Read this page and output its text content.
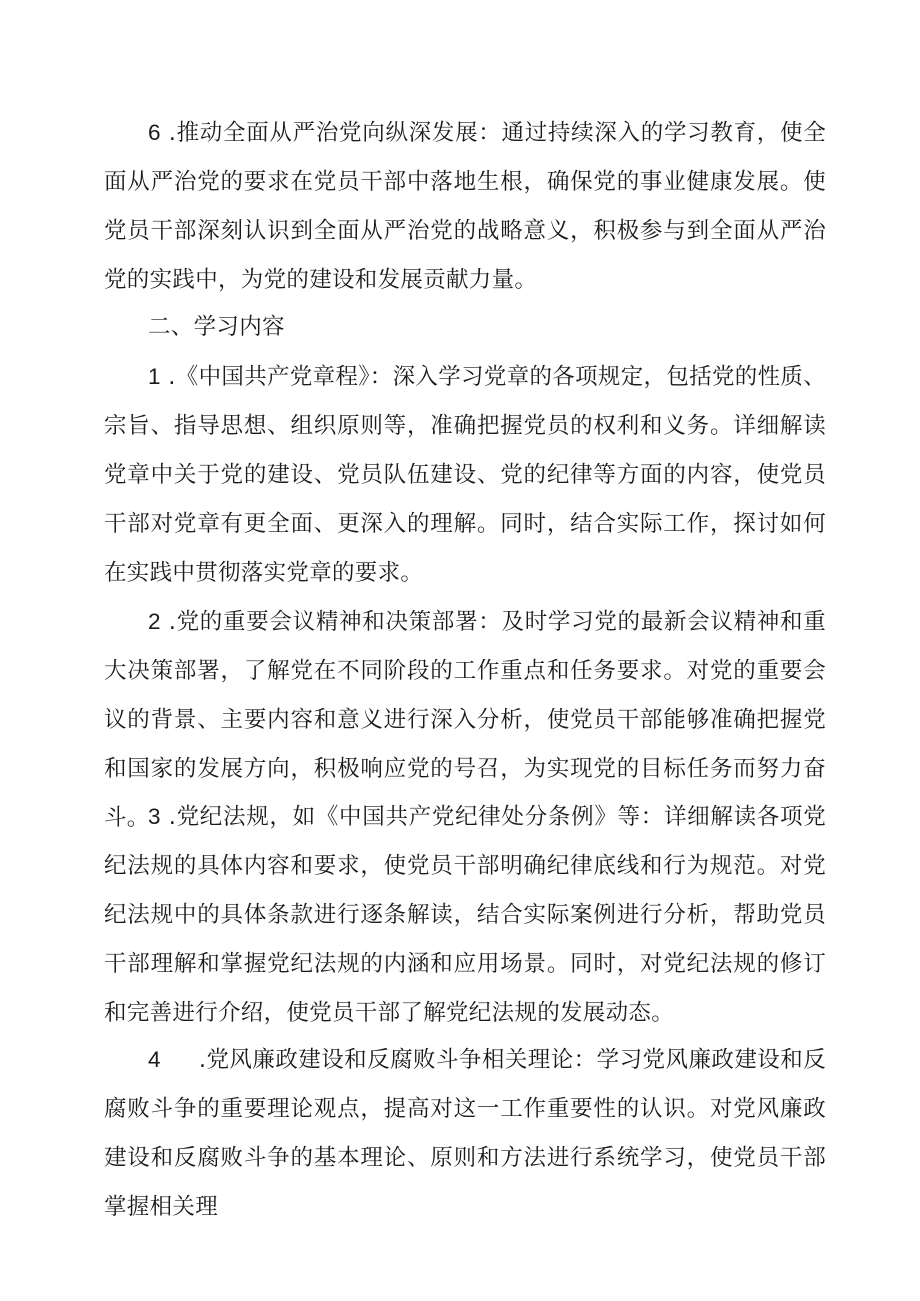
6 .推动全面从严治党向纵深发展：通过持续深入的学习教育，使全面从严治党的要求在党员干部中落地生根，确保党的事业健康发展。使党员干部深刻认识到全面从严治党的战略意义，积极参与到全面从严治党的实践中，为党的建设和发展贡献力量。

二、学习内容

1 .《中国共产党章程》：深入学习党章的各项规定，包括党的性质、宗旨、指导思想、组织原则等，准确把握党员的权利和义务。详细解读党章中关于党的建设、党员队伍建设、党的纪律等方面的内容，使党员干部对党章有更全面、更深入的理解。同时，结合实际工作，探讨如何在实践中贯彻落实党章的要求。

2 .党的重要会议精神和决策部署：及时学习党的最新会议精神和重大决策部署，了解党在不同阶段的工作重点和任务要求。对党的重要会议的背景、主要内容和意义进行深入分析，使党员干部能够准确把握党和国家的发展方向，积极响应党的号召，为实现党的目标任务而努力奋斗。

3 .党纪法规，如《中国共产党纪律处分条例》等：详细解读各项党纪法规的具体内容和要求，使党员干部明确纪律底线和行为规范。对党纪法规中的具体条款进行逐条解读，结合实际案例进行分析，帮助党员干部理解和掌握党纪法规的内涵和应用场景。同时，对党纪法规的修订和完善进行介绍，使党员干部了解党纪法规的发展动态。

4 .党风廉政建设和反腐败斗争相关理论：学习党风廉政建设和反腐败斗争的重要理论观点，提高对这一工作重要性的认识。对党风廉政建设和反腐败斗争的基本理论、原则和方法进行系统学习，使党员干部掌握相关理
